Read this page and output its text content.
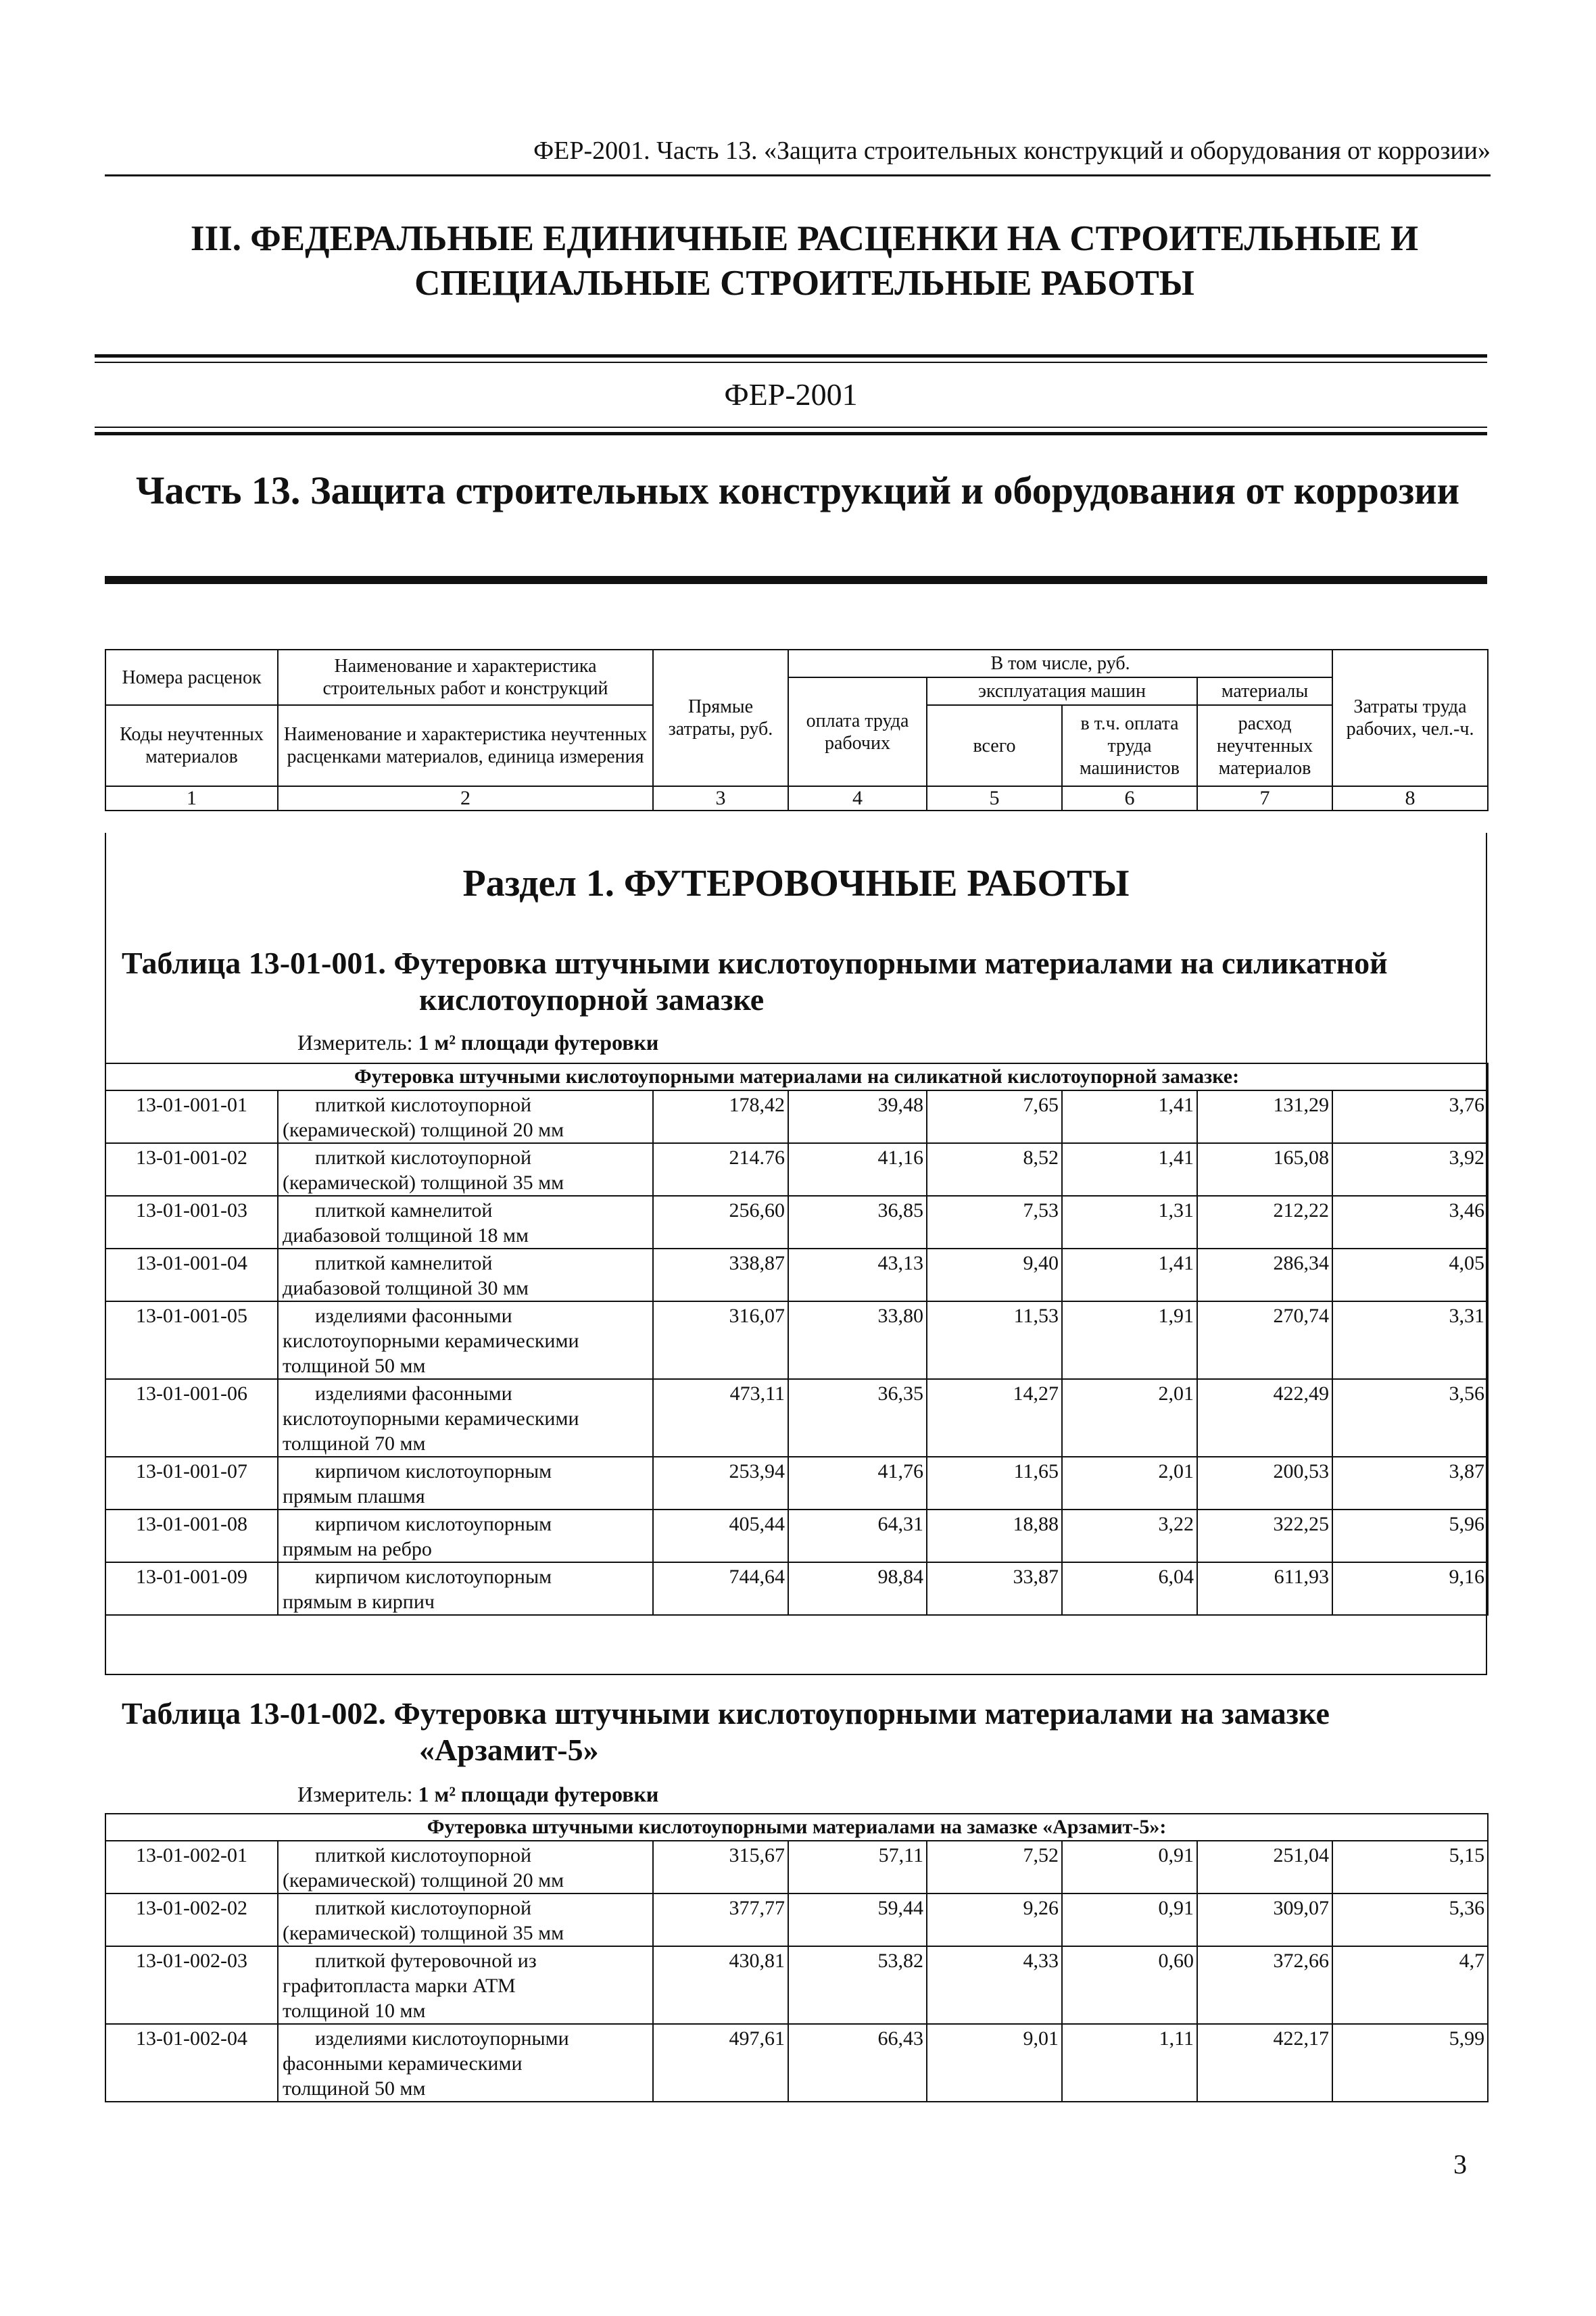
ФЕР-2001. Часть 13. «Защита строительных конструкций и оборудования от коррозии»
III. ФЕДЕРАЛЬНЫЕ ЕДИНИЧНЫЕ РАСЦЕНКИ НА СТРОИТЕЛЬНЫЕ И
СПЕЦИАЛЬНЫЕ СТРОИТЕЛЬНЫЕ РАБОТЫ
ФЕР-2001
Часть 13. Защита строительных конструкций и оборудования от коррозии
Номера расценок	Наименование и характеристика строительных работ и конструкций	Прямые затраты, руб.	В том числе, руб.				Затраты труда рабочих, чел.-ч.
			оплата труда рабочих	эксплуатация машин		материалы	
Коды неучтенных материалов	Наименование и характеристика неучтенных расценками материалов, единица измерения			всего	в т.ч. оплата труда машинистов	расход неучтенных материалов	

1	2	3	4	5	6	7	8
Раздел 1. ФУТЕРОВОЧНЫЕ РАБОТЫ
Таблица 13-01-001. Футеровка штучными кислотоупорными материалами на силикатной
кислотоупорной замазке
Измеритель: 1 м² площади футеровки
Футеровка штучными кислотоупорными материалами на силикатной кислотоупорной замазке:							
13-01-001-01	плиткой кислотоупорной
(керамической) толщиной 20 мм	178,42	39,48	7,65	1,41	131,29	3,76
13-01-001-02	плиткой кислотоупорной
(керамической) толщиной 35 мм	214.76	41,16	8,52	1,41	165,08	3,92
13-01-001-03	плиткой камнелитой
диабазовой толщиной 18 мм	256,60	36,85	7,53	1,31	212,22	3,46
13-01-001-04	плиткой камнелитой
диабазовой толщиной 30 мм	338,87	43,13	9,40	1,41	286,34	4,05
13-01-001-05	изделиями фасонными
кислотоупорными керамическими
толщиной 50 мм	316,07	33,80	11,53	1,91	270,74	3,31
13-01-001-06	изделиями фасонными
кислотоупорными керамическими
толщиной 70 мм	473,11	36,35	14,27	2,01	422,49	3,56
13-01-001-07	кирпичом кислотоупорным
прямым плашмя	253,94	41,76	11,65	2,01	200,53	3,87
13-01-001-08	кирпичом кислотоупорным
прямым на ребро	405,44	64,31	18,88	3,22	322,25	5,96
13-01-001-09	кирпичом кислотоупорным
прямым в кирпич	744,64	98,84	33,87	6,04	611,93	9,16
Таблица 13-01-002. Футеровка штучными кислотоупорными материалами на замазке
«Арзамит-5»
Измеритель: 1 м² площади футеровки
Футеровка штучными кислотоупорными материалами на замазке «Арзамит-5»:							
13-01-002-01	плиткой кислотоупорной
(керамической) толщиной 20 мм	315,67	57,11	7,52	0,91	251,04	5,15
13-01-002-02	плиткой кислотоупорной
(керамической) толщиной 35 мм	377,77	59,44	9,26	0,91	309,07	5,36
13-01-002-03	плиткой футеровочной из
графитопласта марки АТМ
толщиной 10 мм	430,81	53,82	4,33	0,60	372,66	4,7
13-01-002-04	изделиями кислотоупорными
фасонными керамическими
толщиной 50 мм	497,61	66,43	9,01	1,11	422,17	5,99
3
